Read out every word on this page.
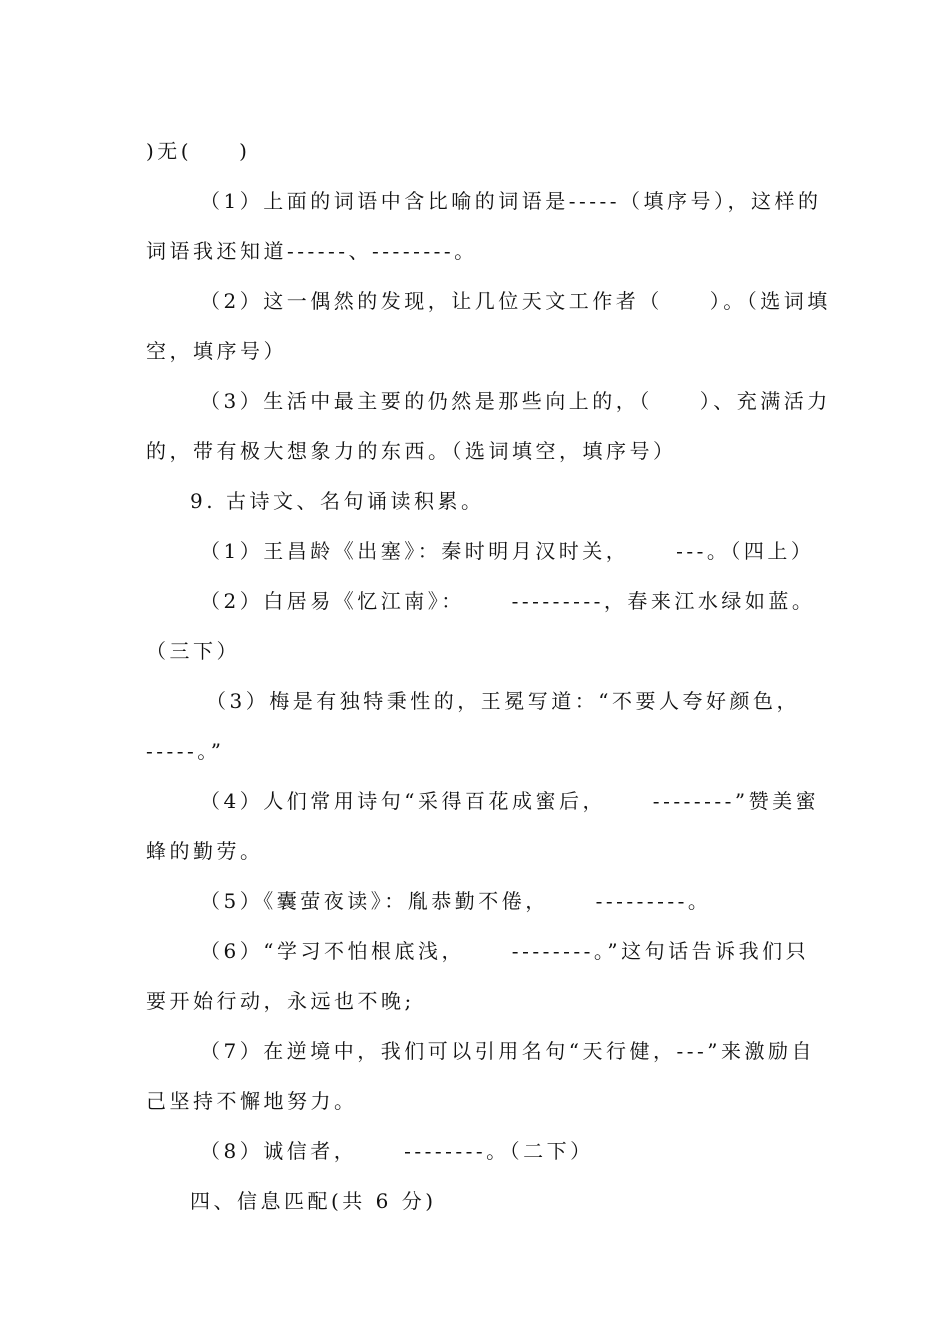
)无(　　)
（1）上面的词语中含比喻的词语是-----（填序号），这样的
词语我还知道------、--------。
（2）这一偶然的发现，让几位天文工作者（　　）。（选词填
空，填序号）
（3）生活中最主要的仍然是那些向上的，（　　）、充满活力
的，带有极大想象力的东西。（选词填空，填序号）
9. 古诗文、名句诵读积累。
（1）王昌龄《出塞》：秦时明月汉时关，　　 ---。（四上）
（2）白居易《忆江南》：　　 ---------，春来江水绿如蓝。
（三下）
（3）梅是有独特秉性的，王冕写道：“不要人夸好颜色，
-----。”
（4）人们常用诗句“采得百花成蜜后，　　 --------”赞美蜜
蜂的勤劳。
（5）《囊萤夜读》：胤恭勤不倦，　　 ---------。
（6）“学习不怕根底浅，　　 --------。”这句话告诉我们只
要开始行动，永远也不晚;
（7）在逆境中，我们可以引用名句“天行健，---”来激励自
己坚持不懈地努力。
（8）诚信者，　　 --------。（二下）
四、信息匹配(共 6 分)
